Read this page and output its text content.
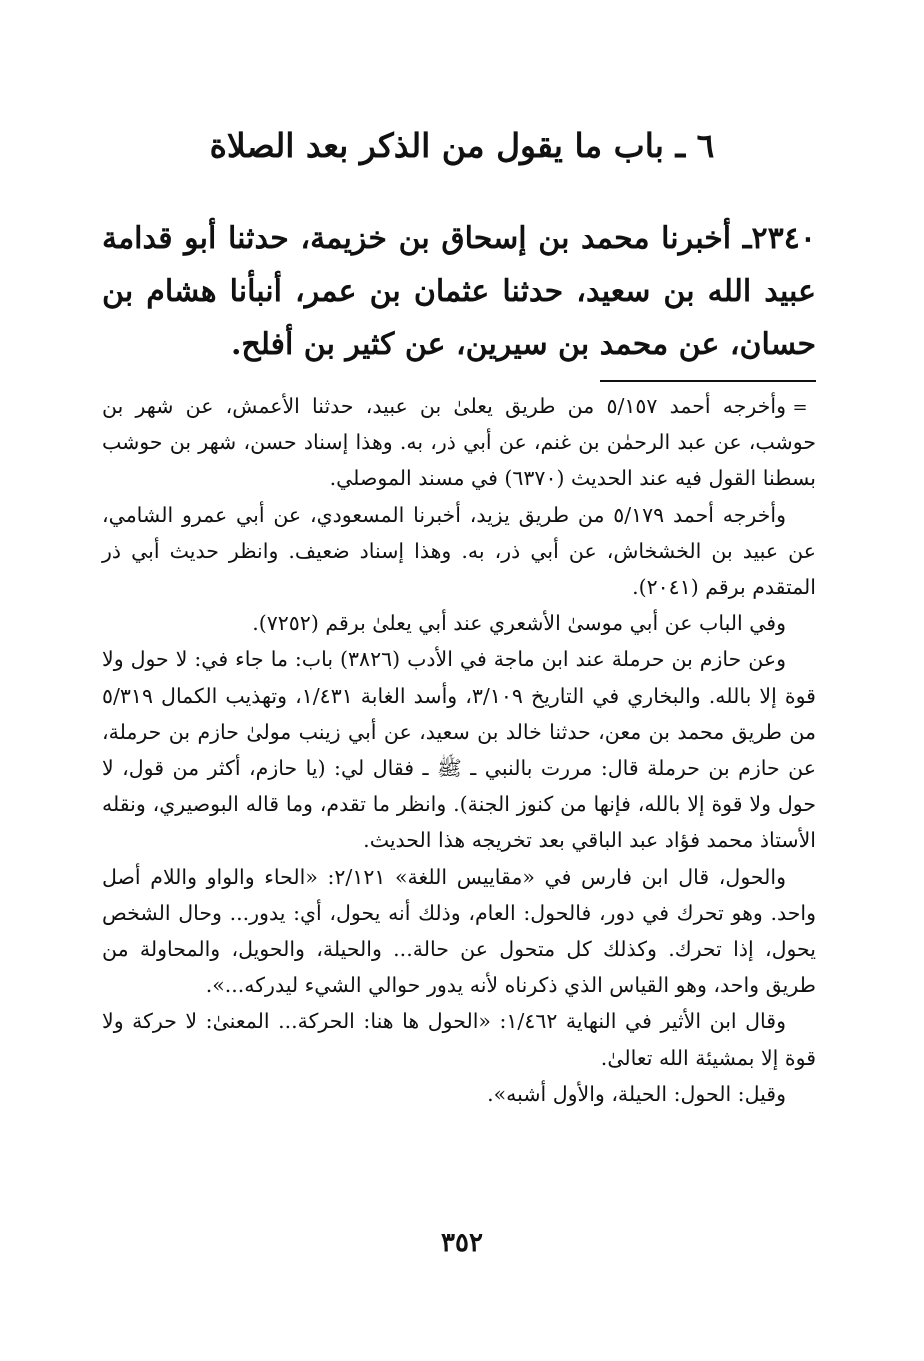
٦ ـ باب ما يقول من الذكر بعد الصلاة
٢٣٤٠ـ أخبرنا محمد بن إسحاق بن خزيمة، حدثنا أبو قدامة عبيد الله بن سعيد، حدثنا عثمان بن عمر، أنبأنا هشام بن حسان، عن محمد بن سيرين، عن كثير بن أفلح.
=

وأخرجه أحمد ٥/١٥٧ من طريق يعلىٰ بن عبيد، حدثنا الأعمش، عن شهر بن حوشب، عن عبد الرحمٰن بن غنم، عن أبي ذر، به. وهذا إسناد حسن، شهر بن حوشب بسطنا القول فيه عند الحديث (٦٣٧٠) في مسند الموصلي.

وأخرجه أحمد ٥/١٧٩ من طريق يزيد، أخبرنا المسعودي، عن أبي عمرو الشامي، عن عبيد بن الخشخاش، عن أبي ذر، به. وهذا إسناد ضعيف. وانظر حديث أبي ذر المتقدم برقم (٢٠٤١).

وفي الباب عن أبي موسىٰ الأشعري عند أبي يعلىٰ برقم (٧٢٥٢).

وعن حازم بن حرملة عند ابن ماجة في الأدب (٣٨٢٦) باب: ما جاء في: لا حول ولا قوة إلا بالله. والبخاري في التاريخ ٣/١٠٩، وأسد الغابة ١/٤٣١، وتهذيب الكمال ٥/٣١٩ من طريق محمد بن معن، حدثنا خالد بن سعيد، عن أبي زينب مولىٰ حازم بن حرملة، عن حازم بن حرملة قال: مررت بالنبي ـ ﷺ ـ فقال لي: (يا حازم، أكثر من قول، لا حول ولا قوة إلا بالله، فإنها من كنوز الجنة). وانظر ما تقدم، وما قاله البوصيري، ونقله الأستاذ محمد فؤاد عبد الباقي بعد تخريجه هذا الحديث.

والحول، قال ابن فارس في «مقاييس اللغة» ٢/١٢١: «الحاء والواو واللام أصل واحد. وهو تحرك في دور، فالحول: العام، وذلك أنه يحول، أي: يدور... وحال الشخص يحول، إذا تحرك. وكذلك كل متحول عن حالة... والحيلة، والحويل، والمحاولة من طريق واحد، وهو القياس الذي ذكرناه لأنه يدور حوالي الشيء ليدركه...».

وقال ابن الأثير في النهاية ١/٤٦٢: «الحول ها هنا: الحركة... المعنىٰ: لا حركة ولا قوة إلا بمشيئة الله تعالىٰ.

وقيل: الحول: الحيلة، والأول أشبه».

٣٥٢
